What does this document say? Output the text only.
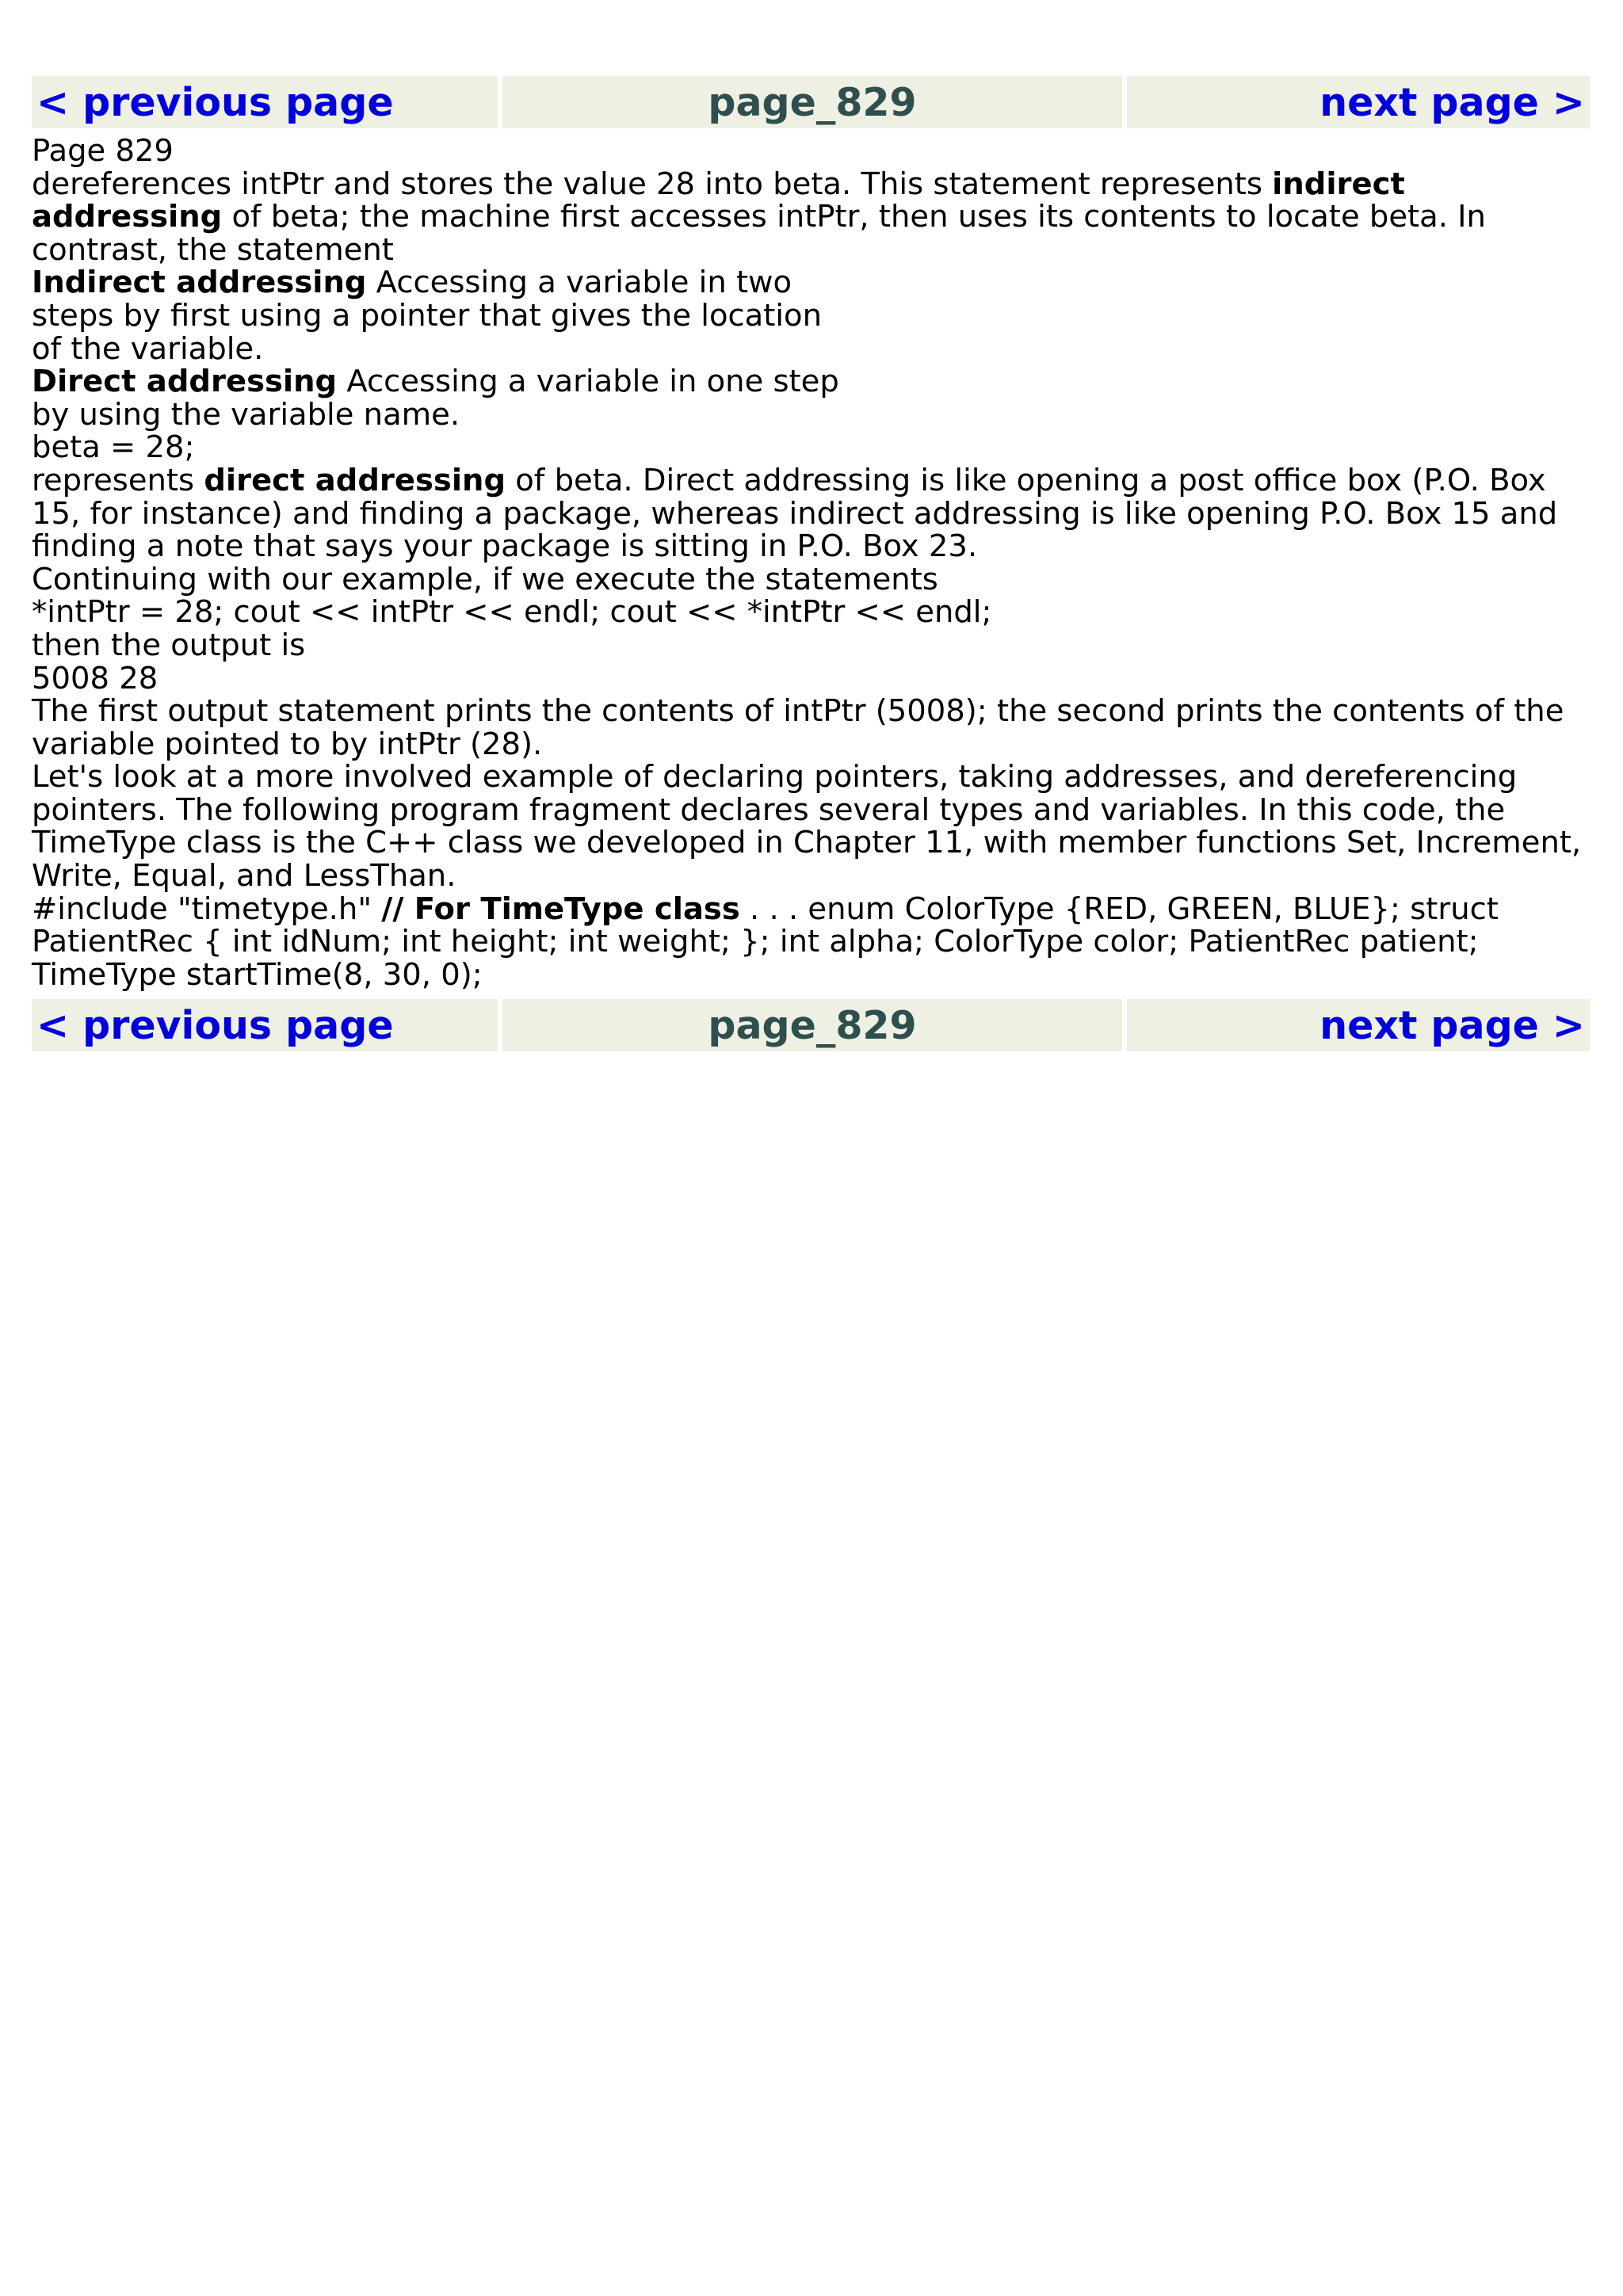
< previous page	page_829	next page >

Page 829

dereferences intPtr and stores the value 28 into beta. This statement represents indirect addressing of beta; the machine first accesses intPtr, then uses its contents to locate beta. In contrast, the statement

Indirect addressing Accessing a variable in two

steps by first using a pointer that gives the location

of the variable.

Direct addressing Accessing a variable in one step

by using the variable name.

beta = 28;

represents direct addressing of beta. Direct addressing is like opening a post office box (P.O. Box 15, for instance) and finding a package, whereas indirect addressing is like opening P.O. Box 15 and finding a note that says your package is sitting in P.O. Box 23.

Continuing with our example, if we execute the statements

*intPtr = 28; cout << intPtr << endl; cout << *intPtr << endl;

then the output is

5008 28

The first output statement prints the contents of intPtr (5008); the second prints the contents of the variable pointed to by intPtr (28).

Let's look at a more involved example of declaring pointers, taking addresses, and dereferencing pointers. The following program fragment declares several types and variables. In this code, the TimeType class is the C++ class we developed in Chapter 11, with member functions Set, Increment, Write, Equal, and LessThan.

#include "timetype.h" // For TimeType class . . . enum ColorType {RED, GREEN, BLUE}; struct PatientRec { int idNum; int height; int weight; }; int alpha; ColorType color; PatientRec patient; TimeType startTime(8, 30, 0);

< previous page	page_829	next page >
